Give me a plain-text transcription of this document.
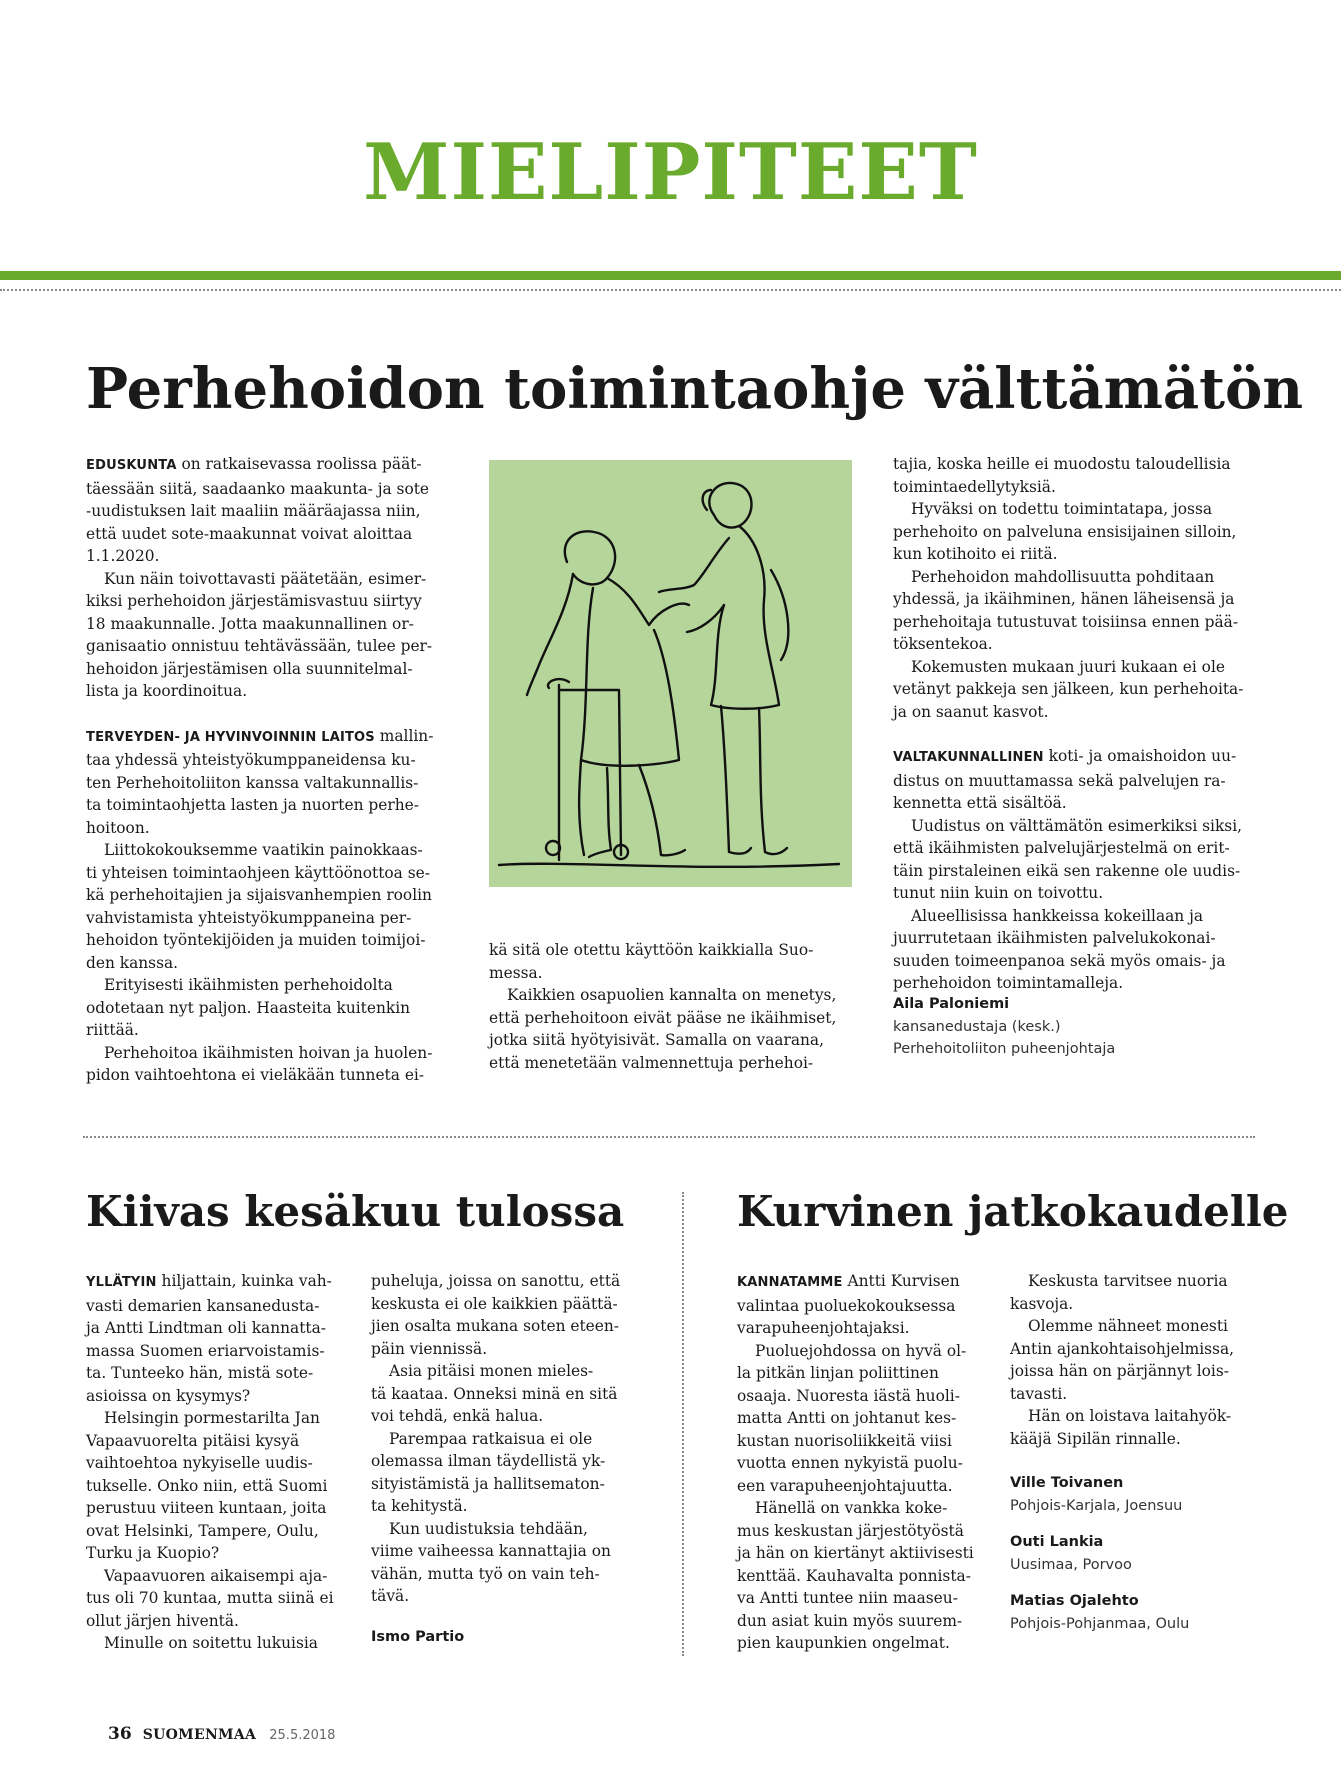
MIELIPITEET
Perhehoidon toimintaohje välttämätön

EDUSKUNTA on ratkaisevassa roolissa päät-

täessään siitä, saadaanko maakunta- ja sote

-uudistuksen lait maaliin määräajassa niin,

että uudet sote-maakunnat voivat aloittaa

1.1.2020.

Kun näin toivottavasti päätetään, esimer-

kiksi perhehoidon järjestämisvastuu siirtyy

18 maakunnalle. Jotta maakunnallinen or-

ganisaatio onnistuu tehtävässään, tulee per-

hehoidon järjestämisen olla suunnitelmal-

lista ja koordinoitua.

TERVEYDEN- JA HYVINVOINNIN LAITOS mallin-

taa yhdessä yhteistyökumppaneidensa ku-

ten Perhehoitoliiton kanssa valtakunnallis-

ta toimintaohjetta lasten ja nuorten perhe-

hoitoon.

Liittokokouksemme vaatikin painokkaas-

ti yhteisen toimintaohjeen käyttöönottoa se-

kä perhehoitajien ja sijaisvanhempien roolin

vahvistamista yhteistyökumppaneina per-

hehoidon työntekijöiden ja muiden toimijoi-

den kanssa.

Erityisesti ikäihmisten perhehoidolta

odotetaan nyt paljon. Haasteita kuitenkin

riittää.

Perhehoitoa ikäihmisten hoivan ja huolen-

pidon vaihtoehtona ei vieläkään tunneta ei-

kä sitä ole otettu käyttöön kaikkialla Suo-

messa.

Kaikkien osapuolien kannalta on menetys,

että perhehoitoon eivät pääse ne ikäihmiset,

jotka siitä hyötyisivät. Samalla on vaarana,

että menetetään valmennettuja perhehoi-

tajia, koska heille ei muodostu taloudellisia

toimintaedellytyksiä.

Hyväksi on todettu toimintatapa, jossa

perhehoito on palveluna ensisijainen silloin,

kun kotihoito ei riitä.

Perhehoidon mahdollisuutta pohditaan

yhdessä, ja ikäihminen, hänen läheisensä ja

perhehoitaja tutustuvat toisiinsa ennen pää-

töksentekoa.

Kokemusten mukaan juuri kukaan ei ole

vetänyt pakkeja sen jälkeen, kun perhehoita-

ja on saanut kasvot.

VALTAKUNNALLINEN koti- ja omaishoidon uu-

distus on muuttamassa sekä palvelujen ra-

kennetta että sisältöä.

Uudistus on välttämätön esimerkiksi siksi,

että ikäihmisten palvelujärjestelmä on erit-

täin pirstaleinen eikä sen rakenne ole uudis-

tunut niin kuin on toivottu.

Alueellisissa hankkeissa kokeillaan ja

juurrutetaan ikäihmisten palvelukokonai-

suuden toimeenpanoa sekä myös omais- ja

perhehoidon toimintamalleja.

Aila Paloniemi

kansanedustaja (kesk.)

Perhehoitoliiton puheenjohtaja

Kiivas kesäkuu tulossa

YLLÄTYIN hiljattain, kuinka vah-

vasti demarien kansanedusta-

ja Antti Lindtman oli kannatta-

massa Suomen eriarvoistamis-

ta. Tunteeko hän, mistä sote-

asioissa on kysymys?

Helsingin pormestarilta Jan

Vapaavuorelta pitäisi kysyä

vaihtoehtoa nykyiselle uudis-

tukselle. Onko niin, että Suomi

perustuu viiteen kuntaan, joita

ovat Helsinki, Tampere, Oulu,

Turku ja Kuopio?

Vapaavuoren aikaisempi aja-

tus oli 70 kuntaa, mutta siinä ei

ollut järjen hiventä.

Minulle on soitettu lukuisia

puheluja, joissa on sanottu, että

keskusta ei ole kaikkien päättä-

jien osalta mukana soten eteen-

päin viennissä.

Asia pitäisi monen mieles-

tä kaataa. Onneksi minä en sitä

voi tehdä, enkä halua.

Parempaa ratkaisua ei ole

olemassa ilman täydellistä yk-

sityistämistä ja hallitsematon-

ta kehitystä.

Kun uudistuksia tehdään,

viime vaiheessa kannattajia on

vähän, mutta työ on vain teh-

tävä.

Ismo Partio

Kurvinen jatkokaudelle

KANNATAMME Antti Kurvisen

valintaa puoluekokouksessa

varapuheenjohtajaksi.

Puoluejohdossa on hyvä ol-

la pitkän linjan poliittinen

osaaja. Nuoresta iästä huoli-

matta Antti on johtanut kes-

kustan nuorisoliikkeitä viisi

vuotta ennen nykyistä puolu-

een varapuheenjohtajuutta.

Hänellä on vankka koke-

mus keskustan järjestötyöstä

ja hän on kiertänyt aktiivisesti

kenttää. Kauhavalta ponnista-

va Antti tuntee niin maaseu-

dun asiat kuin myös suurem-

pien kaupunkien ongelmat.

Keskusta tarvitsee nuoria

kasvoja.

Olemme nähneet monesti

Antin ajankohtaisohjelmissa,

joissa hän on pärjännyt lois-

tavasti.

Hän on loistava laitahyök-

kääjä Sipilän rinnalle.

Ville Toivanen

Pohjois-Karjala, Joensuu

Outi Lankia

Uusimaa, Porvoo

Matias Ojalehto

Pohjois-Pohjanmaa, Oulu

36 SUOMENMAA 25.5.2018
